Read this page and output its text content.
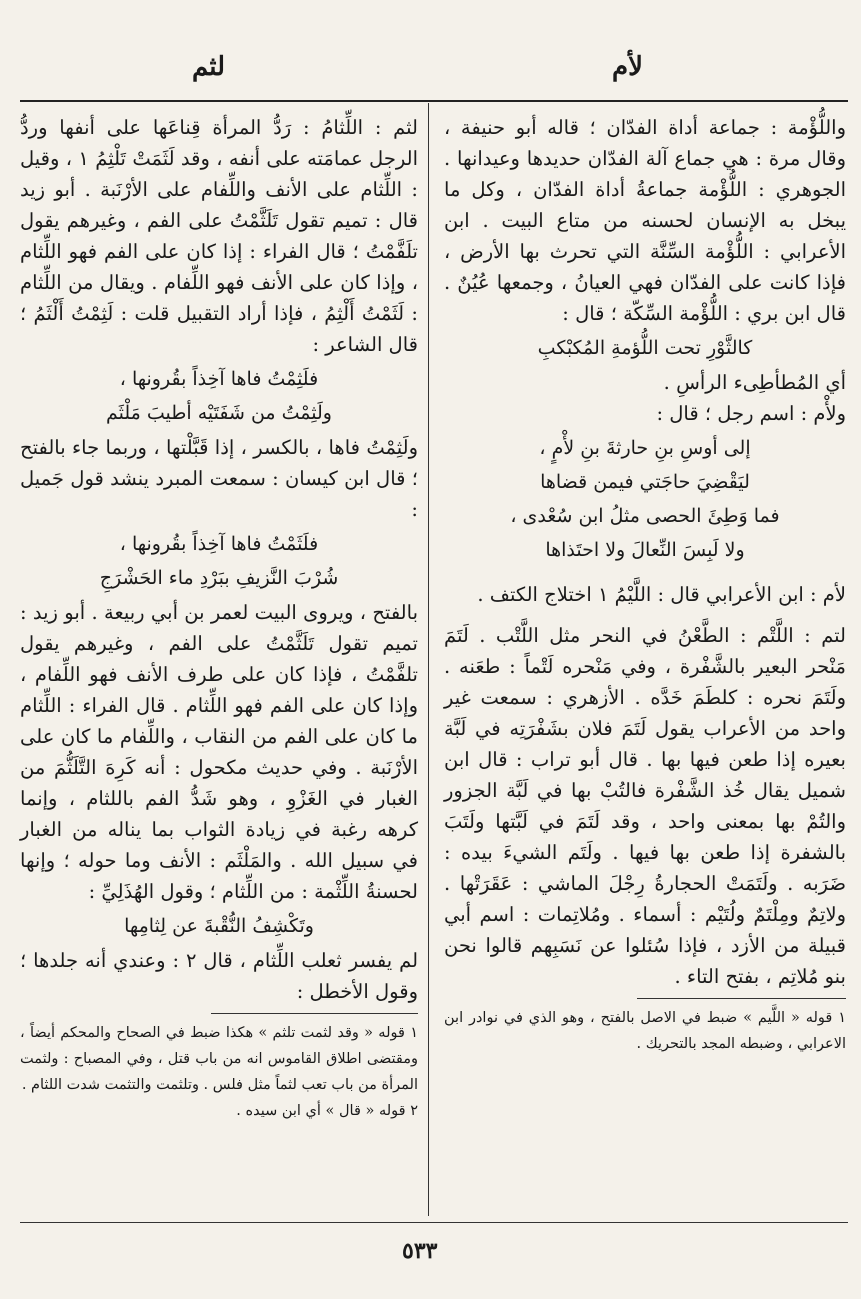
لأم
لثم

واللُّؤْمة : جماعة أداة الفدّان ؛ قاله أبو حنيفة ، وقال مرة : هي جماع آلة الفدّان حديدها وعيدانها . الجوهري : اللُّؤْمة جماعةُ أداة الفدّان ، وكل ما يبخل به الإنسان لحسنه من متاع البيت . ابن الأعرابي : اللُّؤْمة السِّنَّة التي تحرث بها الأرض ، فإذا كانت على الفدّان فهي العيانُ ، وجمعها عُيُنٌ . قال ابن بري : اللُّؤْمة السِّكّة ؛ قال :

كالثَّوْرِ تحت اللُّؤمةِ المُكبْكبِ

أي المُطأطِىء الرأسِ .

ولأْم : اسم رجل ؛ قال :

إلى أوسِ بنِ حارثةَ بنِ لأْمٍ ،

ليَقْضِيَ حاجَتي فيمن قضاها

فما وَطِئَ الحصى مثلُ ابن سُعْدى ،

ولا لَبِسَ النِّعالَ ولا احتَذاها

لأم : ابن الأعرابي قال : اللَّيْمُ ١ اختلاج الكتف .

لتم : اللَّتْم : الطَّعْنُ في النحر مثل اللَّتْب . لَتَمَ مَنْحر البعير بالشَّفْرة ، وفي مَنْحره لَتْماً : طعَنه . ولَتَمَ نحره : كلطَمَ خَدَّه . الأزهري : سمعت غير واحد من الأعراب يقول لَتَمَ فلان بشَفْرَتِه في لَبَّة بعيره إذا طعن فيها بها . قال أبو تراب : قال ابن شميل يقال خُذ الشَّفْرة فالتُبْ بها في لَبَّة الجزور والتُمْ بها بمعنى واحد ، وقد لَتَمَ في لَبَّتها ولَتَبَ بالشفرة إذا طعن بها فيها . ولَتَم الشيءَ بيده : ضَرَبه . ولَتَمَتْ الحجارةُ رِجْلَ الماشي : عَقَرَتْها . ولاتِمٌ ومِلْتَمٌ ولُتَيْم : أسماء . ومُلاتِمات : اسم أبي قبيلة من الأزد ، فإذا سُئلوا عن نَسَبِهم قالوا نحن بنو مُلاتِم ، بفتح التاء .

١ قوله « اللَّيم » ضبط في الاصل بالفتح ، وهو الذي في نوادر ابن الاعرابي ، وضبطه المجد بالتحريك .

لثم : اللِّثامُ : رَدُّ المرأة قِناعَها على أنفها وردُّ الرجل عمامَته على أنفه ، وقد لَثَمَتْ تَلْثِمُ ١ ، وقيل : اللِّثام على الأنف واللِّفام على الأرْنَبة . أبو زيد قال : تميم تقول تَلَثَّمْتُ على الفم ، وغيرهم يقول تلَفَّمْتُ ؛ قال الفراء : إذا كان على الفم فهو اللِّثام ، وإذا كان على الأنف فهو اللِّفام . ويقال من اللِّثام : لَثَمْتُ أَلْثِمُ ، فإذا أراد التقبيل قلت : لَثِمْتُ أَلْثَمُ ؛ قال الشاعر :

فلَثِمْتُ فاها آخِذاً بقُرونها ،

ولَثِمْتُ من شَفَتَيْه أطيبَ مَلْثَم

ولَثِمْتُ فاها ، بالكسر ، إذا قَبَّلْتها ، وربما جاء بالفتح ؛ قال ابن كيسان : سمعت المبرد ينشد قول جَميل :

فلَثَمْتُ فاها آخِذاً بقُرونها ،

شُرْبَ النَّزيفِ ببَرْدِ ماء الحَشْرَجِ

بالفتح ، ويروى البيت لعمر بن أبي ربيعة . أبو زيد : تميم تقول تَلَثَّمْتُ على الفم ، وغيرهم يقول تلفَّمْتُ ، فإذا كان على طرف الأنف فهو اللِّفام ، وإذا كان على الفم فهو اللِّثام . قال الفراء : اللِّثام ما كان على الفم من النقاب ، واللِّفام ما كان على الأرْنَبة . وفي حديث مكحول : أنه كَرِهَ التَّلَثُّمَ من الغبار في الغَزْوِ ، وهو شَدُّ الفم باللثام ، وإنما كرهه رغبة في زيادة الثواب بما يناله من الغبار في سبيل الله . والمَلْثَم : الأنف وما حوله ؛ وإنها لحسنةُ اللِّثْمة : من اللِّثام ؛ وقول الهُذَلِيِّ :

وتَكْشِفُ النُّقْبةَ عن لِثامِها

لم يفسر ثعلب اللِّثام ، قال ٢ : وعندي أنه جلدها ؛ وقول الأخطل :

١ قوله « وقد لثمت تلثم » هكذا ضبط في الصحاح والمحكم أيضاً ، ومقتضى اطلاق القاموس انه من باب قتل ، وفي المصباح : ولثمت المرأة من باب تعب لثماً مثل فلس . وتلثمت والتثمت شدت اللثام .

٢ قوله « قال » أي ابن سيده .

٥٣٣
